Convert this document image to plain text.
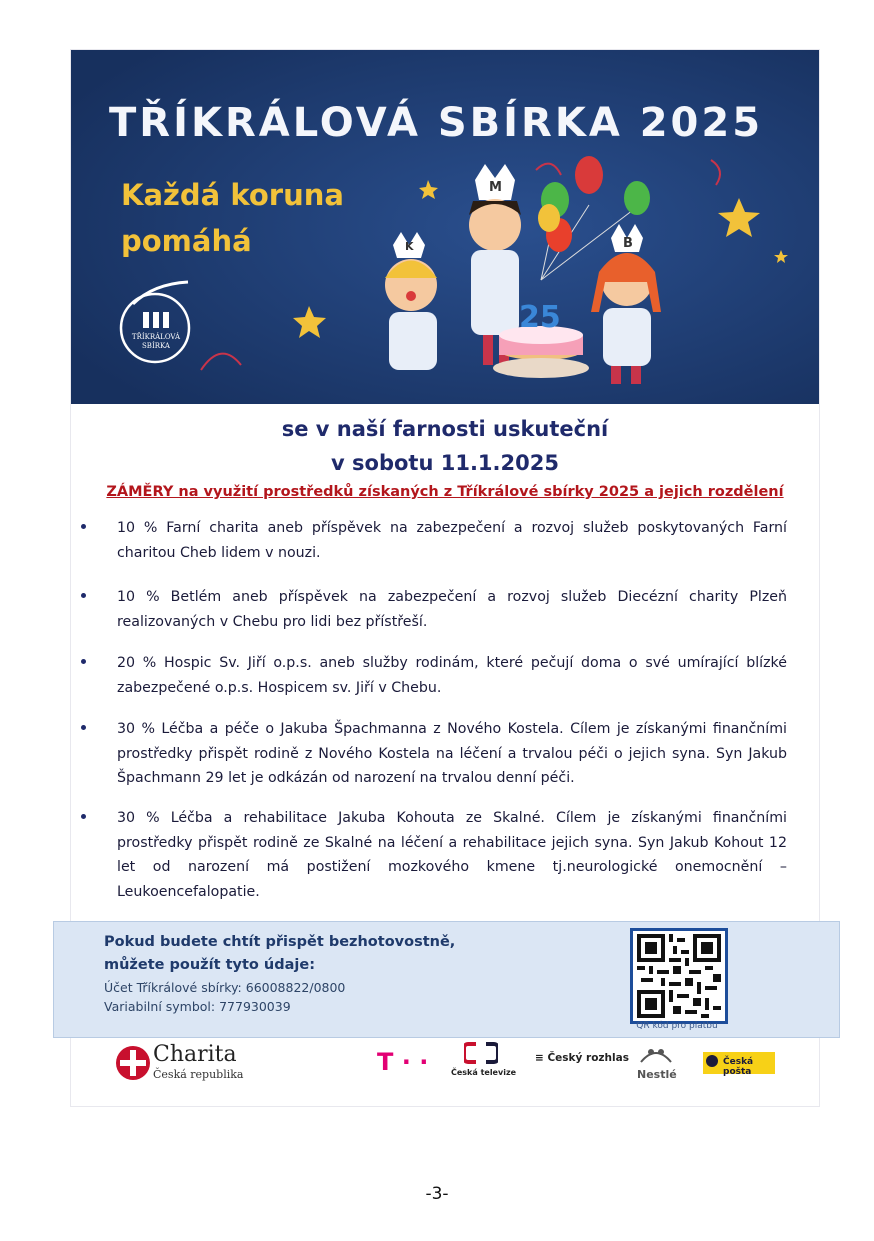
TŘÍKRÁLOVÁ SBÍRKA 2025
Každá koruna
pomáhá
TŘÍKRÁLOVÁ
SBÍRKA
K
M
B
25
se v naší farnosti uskuteční
v sobotu 11.1.2025
ZÁMĚRY na využití prostředků získaných z Tříkrálové sbírky 2025 a jejich rozdělení
10 % Farní charita aneb příspěvek na zabezpečení a rozvoj služeb poskytovaných Farní charitou Cheb lidem v nouzi.
10 % Betlém aneb příspěvek na zabezpečení a rozvoj služeb Diecézní charity Plzeň realizovaných v Chebu pro lidi bez přístřeší.
20 % Hospic Sv. Jiří o.p.s. aneb služby rodinám, které pečují doma o své umírající blízké zabezpečené o.p.s. Hospicem sv. Jiří v Chebu.
30 % Léčba a péče o Jakuba Špachmanna z Nového Kostela. Cílem je získanými finančními prostředky přispět rodině z Nového Kostela na léčení a trvalou péči o jejich syna. Syn Jakub Špachmann 29 let je odkázán od narození na trvalou denní péči.
30 % Léčba a rehabilitace Jakuba Kohouta ze Skalné. Cílem je získanými finančními prostředky přispět rodině ze Skalné na léčení a rehabilitace jejich syna. Syn Jakub Kohout 12 let od narození má postižení mozkového kmene tj.neurologické onemocnění – Leukoencefalopatie.
Charita
Česká republika	T · ·	Česká televize
≡ Český rozhlas
Nestlé
Česká pošta
Pokud budete chtít přispět bezhotovostně,
můžete použít tyto údaje:
Účet Tříkrálové sbírky: 66008822/0800
Variabilní symbol: 777930039
QR kód pro platbu
-3-
